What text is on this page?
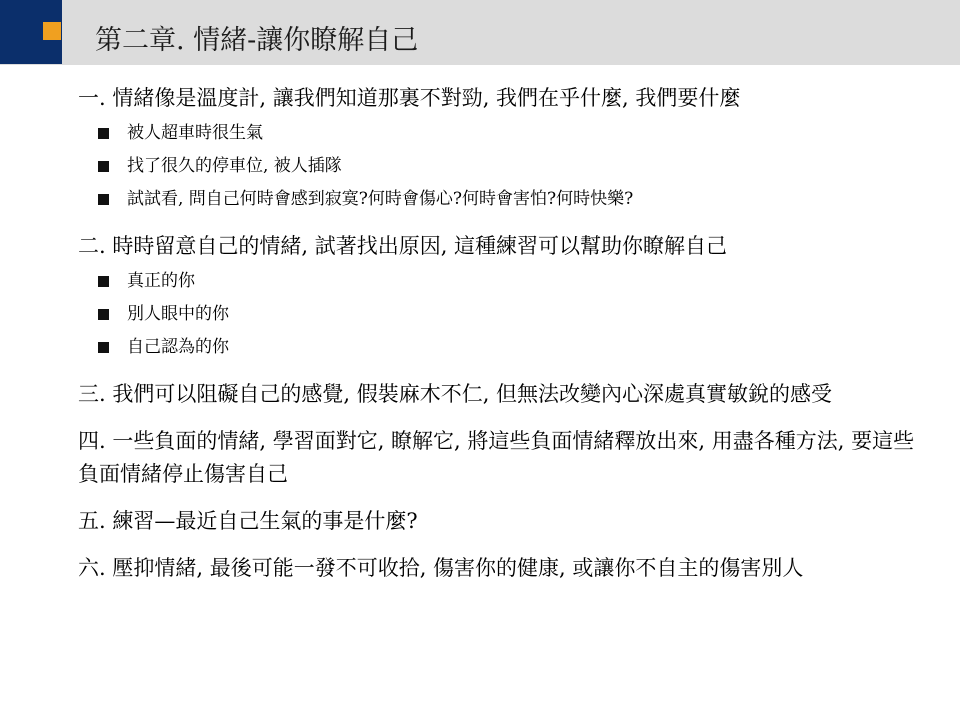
第二章. 情緒-讓你瞭解自己

一. 情緒像是溫度計, 讓我們知道那裏不對勁, 我們在乎什麼, 我們要什麼

被人超車時很生氣
找了很久的停車位, 被人插隊
試試看, 問自己何時會感到寂寞?何時會傷心?何時會害怕?何時快樂?

二. 時時留意自己的情緒, 試著找出原因, 這種練習可以幫助你瞭解自己

真正的你
別人眼中的你
自己認為的你

三. 我們可以阻礙自己的感覺, 假裝麻木不仁, 但無法改變內心深處真實敏銳的感受

四. 一些負面的情緒, 學習面對它, 瞭解它, 將這些負面情緒釋放出來, 用盡各種方法, 要這些負面情緒停止傷害自己

五. 練習—最近自己生氣的事是什麼?

六. 壓抑情緒, 最後可能一發不可收拾, 傷害你的健康, 或讓你不自主的傷害別人
